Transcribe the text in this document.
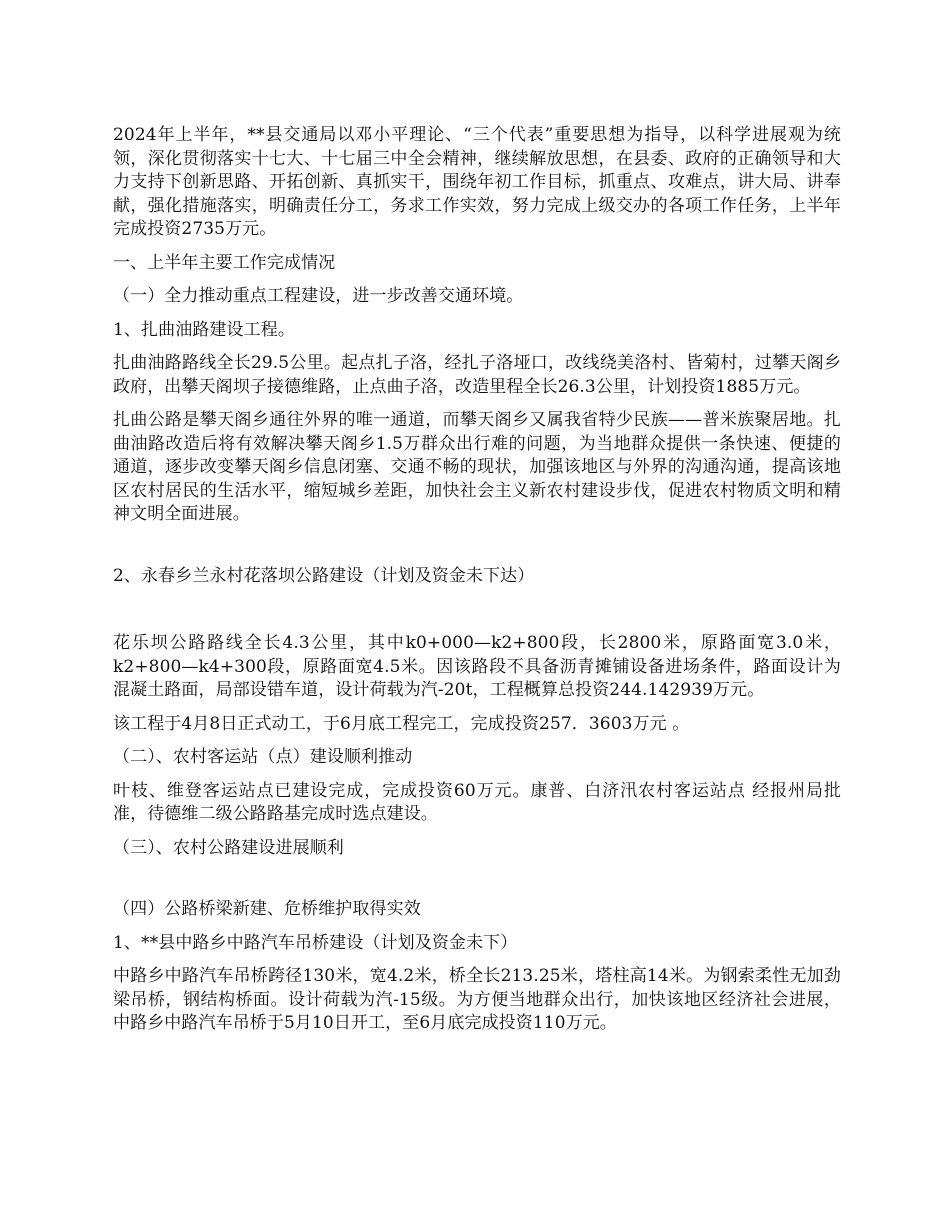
2024年上半年，**县交通局以邓小平理论、“三个代表”重要思想为指导，以科学进展观为统领，深化贯彻落实十七大、十七届三中全会精神，继续解放思想，在县委、政府的正确领导和大力支持下创新思路、开拓创新、真抓实干，围绕年初工作目标，抓重点、攻难点，讲大局、讲奉献，强化措施落实，明确责任分工，务求工作实效，努力完成上级交办的各项工作任务，上半年完成投资2735万元。

一、上半年主要工作完成情况

（一）全力推动重点工程建设，进一步改善交通环境。

1、扎曲油路建设工程。

扎曲油路路线全长29.5公里。起点扎子洛，经扎子洛垭口，改线绕美洛村、皆菊村，过攀天阁乡政府，出攀天阁坝子接德维路，止点曲子洛，改造里程全长26.3公里，计划投资1885万元。

扎曲公路是攀天阁乡通往外界的唯一通道，而攀天阁乡又属我省特少民族——普米族聚居地。扎曲油路改造后将有效解决攀天阁乡1.5万群众出行难的问题，为当地群众提供一条快速、便捷的通道，逐步改变攀天阁乡信息闭塞、交通不畅的现状，加强该地区与外界的沟通沟通，提高该地区农村居民的生活水平，缩短城乡差距，加快社会主义新农村建设步伐，促进农村物质文明和精神文明全面进展。

2、永春乡兰永村花落坝公路建设（计划及资金未下达）

花乐坝公路路线全长4.3公里，其中k0+000—k2+800段，长2800米，原路面宽3.0米，k2+800—k4+300段，原路面宽4.5米。因该路段不具备沥青摊铺设备进场条件，路面设计为混凝土路面，局部设错车道，设计荷载为汽-20t，工程概算总投资244.142939万元。

该工程于4月8日正式动工，于6月底工程完工，完成投资257．3603万元 。

（二）、农村客运站（点）建设顺利推动

叶枝、维登客运站点已建设完成，完成投资60万元。康普、白济汛农村客运站点 经报州局批准，待德维二级公路路基完成时选点建设。

（三）、农村公路建设进展顺利

（四）公路桥梁新建、危桥维护取得实效

1、**县中路乡中路汽车吊桥建设（计划及资金未下）

中路乡中路汽车吊桥跨径130米，宽4.2米，桥全长213.25米，塔柱高14米。为钢索柔性无加劲梁吊桥，钢结构桥面。设计荷载为汽-15级。为方便当地群众出行，加快该地区经济社会进展，中路乡中路汽车吊桥于5月10日开工，至6月底完成投资110万元。
